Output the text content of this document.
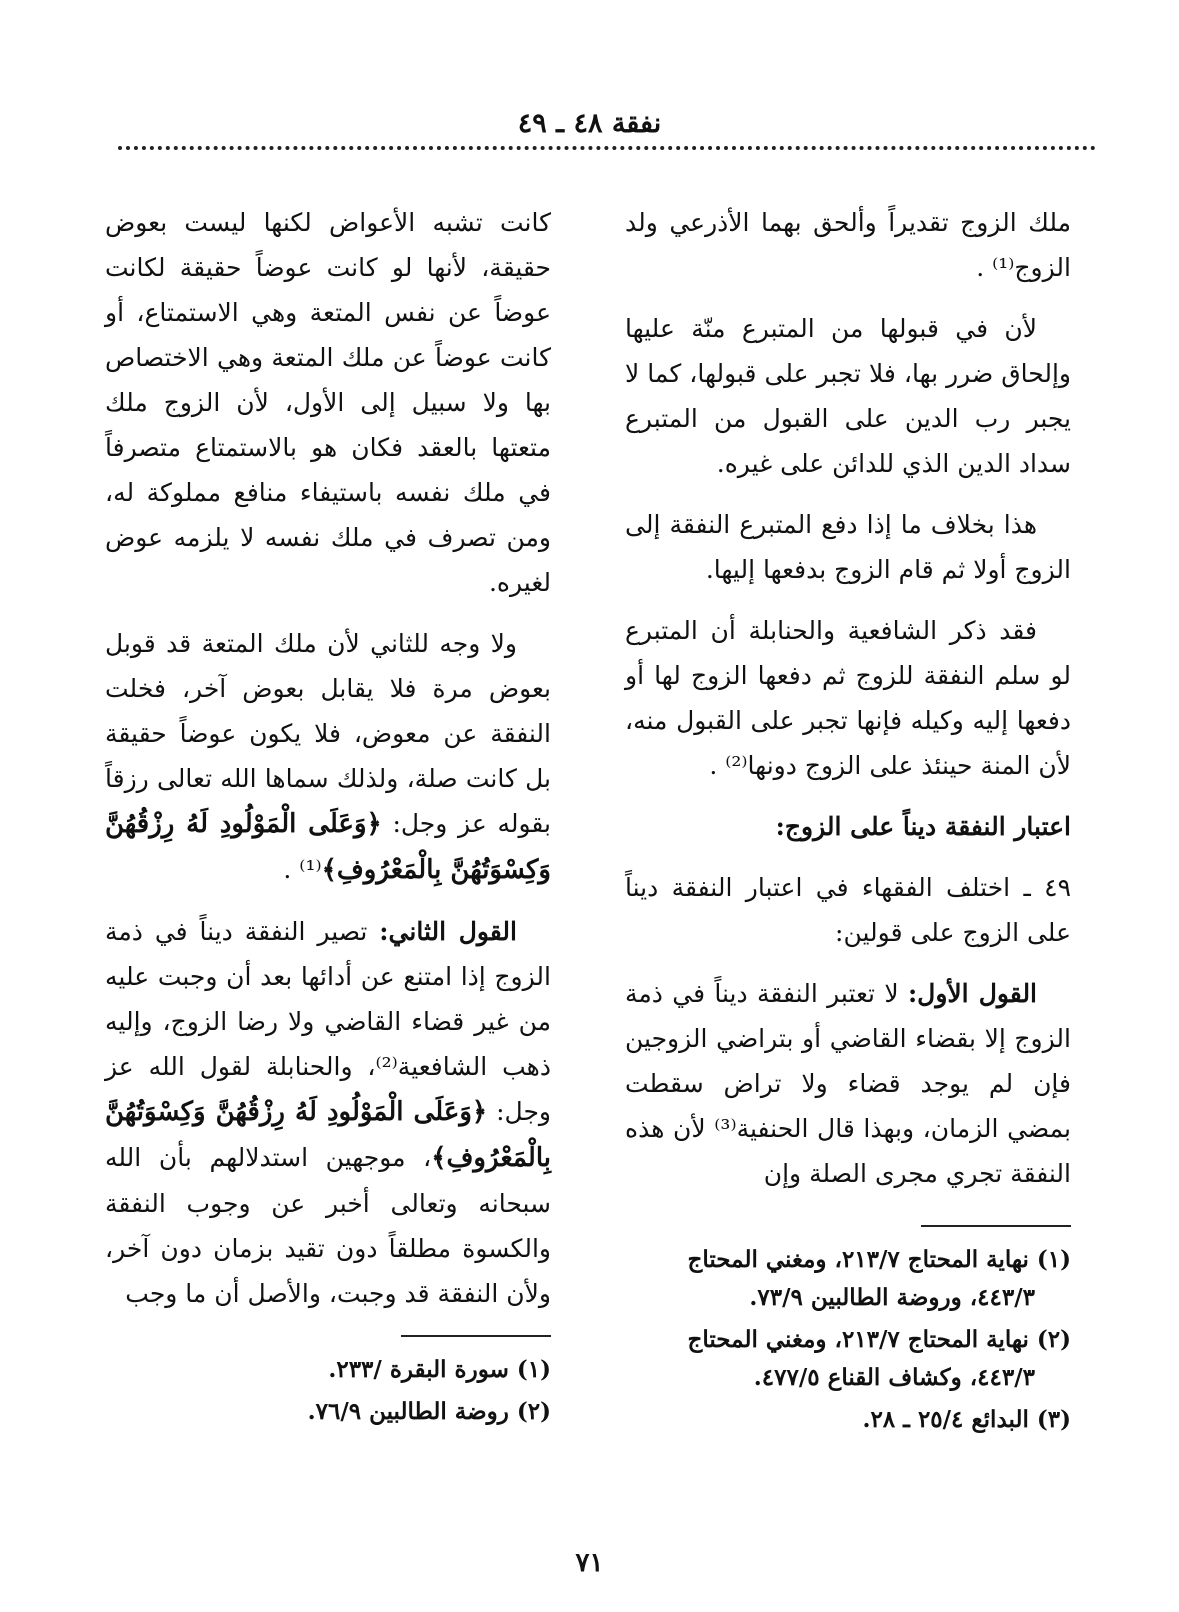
نفقة ٤٨ ـ ٤٩

ملك الزوج تقديراً وألحق بهما الأذرعي ولد الزوج⁽¹⁾ .

لأن في قبولها من المتبرع منّة عليها وإلحاق ضرر بها، فلا تجبر على قبولها، كما لا يجبر رب الدين على القبول من المتبرع سداد الدين الذي للدائن على غيره.

هذا بخلاف ما إذا دفع المتبرع النفقة إلى الزوج أولا ثم قام الزوج بدفعها إليها.

فقد ذكر الشافعية والحنابلة أن المتبرع لو سلم النفقة للزوج ثم دفعها الزوج لها أو دفعها إليه وكيله فإنها تجبر على القبول منه، لأن المنة حينئذ على الزوج دونها⁽²⁾ .

اعتبار النفقة ديناً على الزوج:

٤٩ ـ اختلف الفقهاء في اعتبار النفقة ديناً على الزوج على قولين:

القول الأول: لا تعتبر النفقة ديناً في ذمة الزوج إلا بقضاء القاضي أو بتراضي الزوجين فإن لم يوجد قضاء ولا تراض سقطت بمضي الزمان، وبهذا قال الحنفية⁽³⁾ لأن هذه النفقة تجري مجرى الصلة وإن

كانت تشبه الأعواض لكنها ليست بعوض حقيقة، لأنها لو كانت عوضاً حقيقة لكانت عوضاً عن نفس المتعة وهي الاستمتاع، أو كانت عوضاً عن ملك المتعة وهي الاختصاص بها ولا سبيل إلى الأول، لأن الزوج ملك متعتها بالعقد فكان هو بالاستمتاع متصرفاً في ملك نفسه باستيفاء منافع مملوكة له، ومن تصرف في ملك نفسه لا يلزمه عوض لغيره.

ولا وجه للثاني لأن ملك المتعة قد قوبل بعوض مرة فلا يقابل بعوض آخر، فخلت النفقة عن معوض، فلا يكون عوضاً حقيقة بل كانت صلة، ولذلك سماها الله تعالى رزقاً بقوله عز وجل: ﴿وَعَلَى الْمَوْلُودِ لَهُ رِزْقُهُنَّ وَكِسْوَتُهُنَّ بِالْمَعْرُوفِ﴾⁽¹⁾ .

القول الثاني: تصير النفقة ديناً في ذمة الزوج إذا امتنع عن أدائها بعد أن وجبت عليه من غير قضاء القاضي ولا رضا الزوج، وإليه ذهب الشافعية⁽²⁾، والحنابلة لقول الله عز وجل: ﴿وَعَلَى الْمَوْلُودِ لَهُ رِزْقُهُنَّ وَكِسْوَتُهُنَّ بِالْمَعْرُوفِ﴾، موجهين استدلالهم بأن الله سبحانه وتعالى أخبر عن وجوب النفقة والكسوة مطلقاً دون تقيد بزمان دون آخر، ولأن النفقة قد وجبت، والأصل أن ما وجب

(١) نهاية المحتاج ٢١٣/٧، ومغني المحتاج ٤٤٣/٣، وروضة الطالبين ٧٣/٩.

(٢) نهاية المحتاج ٢١٣/٧، ومغني المحتاج ٤٤٣/٣، وكشاف القناع ٤٧٧/٥.

(٣) البدائع ٢٥/٤ ـ ٢٨.

(١) سورة البقرة /٢٣٣.

(٢) روضة الطالبين ٧٦/٩.

٧١
